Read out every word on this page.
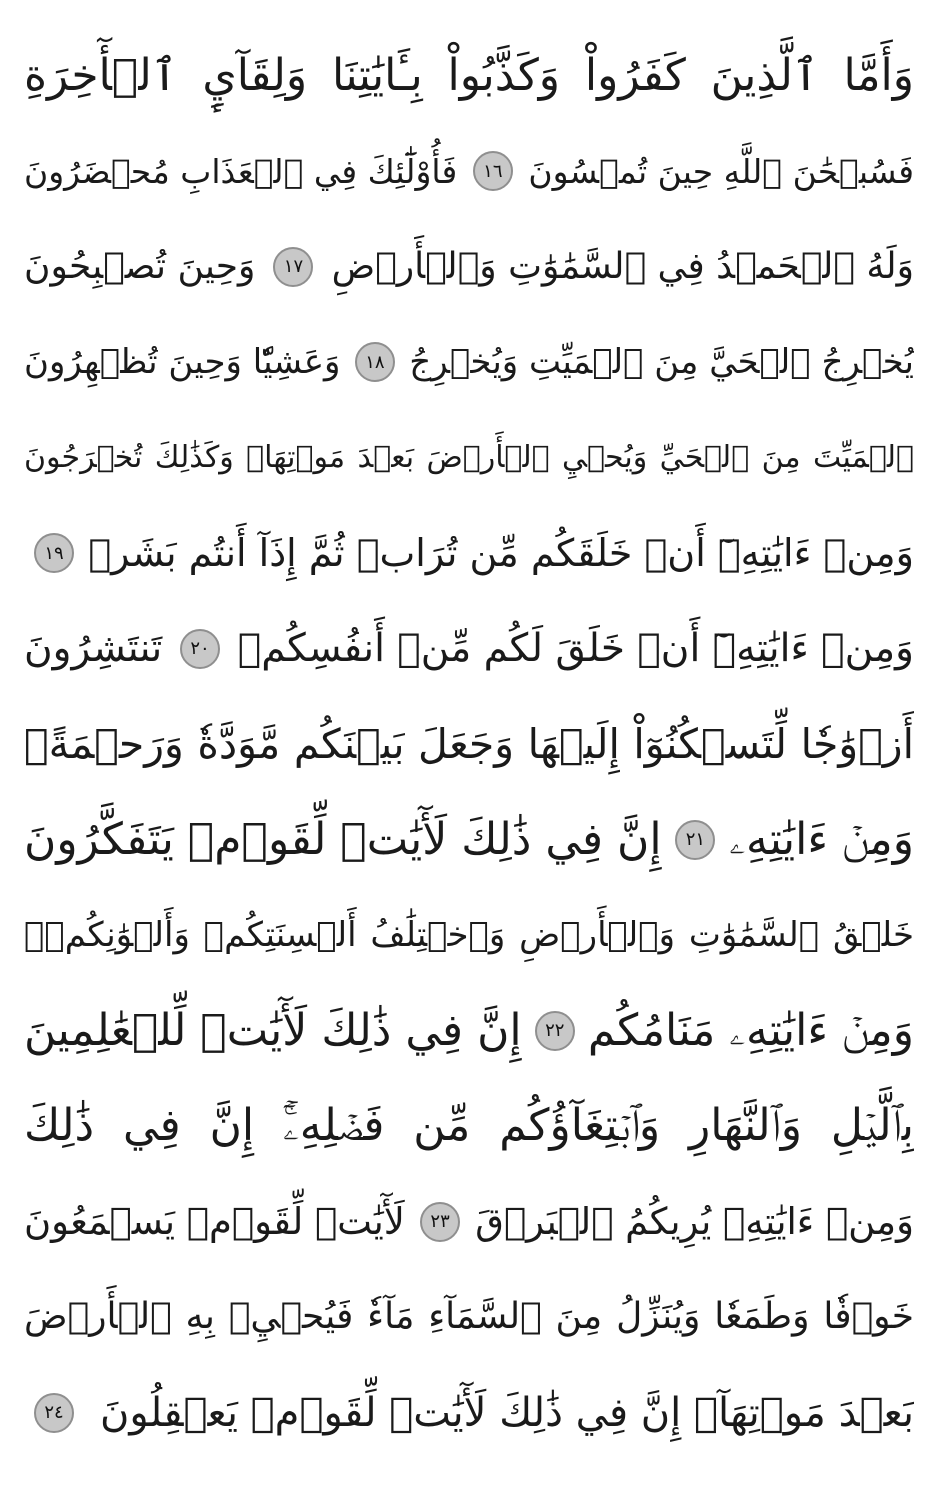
وَأَمَّا ٱلَّذِينَ كَفَرُواْ وَكَذَّبُواْ بِـَٔايَٰتِنَا وَلِقَآيِٕ ٱلۡأٓخِرَةِ
فَسُبۡحَٰنَ ٱللَّهِ حِينَ تُمۡسُونَ
١٦
فَأُوْلَٰٓئِكَ فِي ٱلۡعَذَابِ مُحۡضَرُونَ
وَلَهُ ٱلۡحَمۡدُ فِي ٱلسَّمَٰوَٰتِ وَٱلۡأَرۡضِ
١٧
وَحِينَ تُصۡبِحُونَ
يُخۡرِجُ ٱلۡحَيَّ مِنَ ٱلۡمَيِّتِ وَيُخۡرِجُ
١٨
وَعَشِيّٗا وَحِينَ تُظۡهِرُونَ
ٱلۡمَيِّتَ مِنَ ٱلۡحَيِّ وَيُحۡيِ ٱلۡأَرۡضَ بَعۡدَ مَوۡتِهَاۚ وَكَذَٰلِكَ تُخۡرَجُونَ
وَمِنۡ ءَايَٰتِهِۦٓ أَنۡ خَلَقَكُم مِّن تُرَابٖ ثُمَّ إِذَآ أَنتُم بَشَرٞ
١٩
وَمِنۡ ءَايَٰتِهِۦٓ أَنۡ خَلَقَ لَكُم مِّنۡ أَنفُسِكُمۡ
٢٠
تَنتَشِرُونَ
أَزۡوَٰجٗا لِّتَسۡكُنُوٓاْ إِلَيۡهَا وَجَعَلَ بَيۡنَكُم مَّوَدَّةٗ وَرَحۡمَةًۚ
وَمِنۡ ءَايَٰتِهِۦ
٢١
إِنَّ فِي ذَٰلِكَ لَأٓيَٰتٖ لِّقَوۡمٖ يَتَفَكَّرُونَ
خَلۡقُ ٱلسَّمَٰوَٰتِ وَٱلۡأَرۡضِ وَٱخۡتِلَٰفُ أَلۡسِنَتِكُمۡ وَأَلۡوَٰنِكُمۡۚ
وَمِنۡ ءَايَٰتِهِۦ مَنَامُكُم
٢٢
إِنَّ فِي ذَٰلِكَ لَأٓيَٰتٖ لِّلۡعَٰلِمِينَ
بِٱلَّيۡلِ وَٱلنَّهَارِ وَٱبۡتِغَآؤُكُم مِّن فَضۡلِهِۦٓۚ إِنَّ فِي ذَٰلِكَ
وَمِنۡ ءَايَٰتِهِۦ يُرِيكُمُ ٱلۡبَرۡقَ
٢٣
لَأٓيَٰتٖ لِّقَوۡمٖ يَسۡمَعُونَ
خَوۡفٗا وَطَمَعٗا وَيُنَزِّلُ مِنَ ٱلسَّمَآءِ مَآءٗ فَيُحۡيِۦ بِهِ ٱلۡأَرۡضَ
بَعۡدَ مَوۡتِهَآۚ إِنَّ فِي ذَٰلِكَ لَأٓيَٰتٖ لِّقَوۡمٖ يَعۡقِلُونَ
٢٤
